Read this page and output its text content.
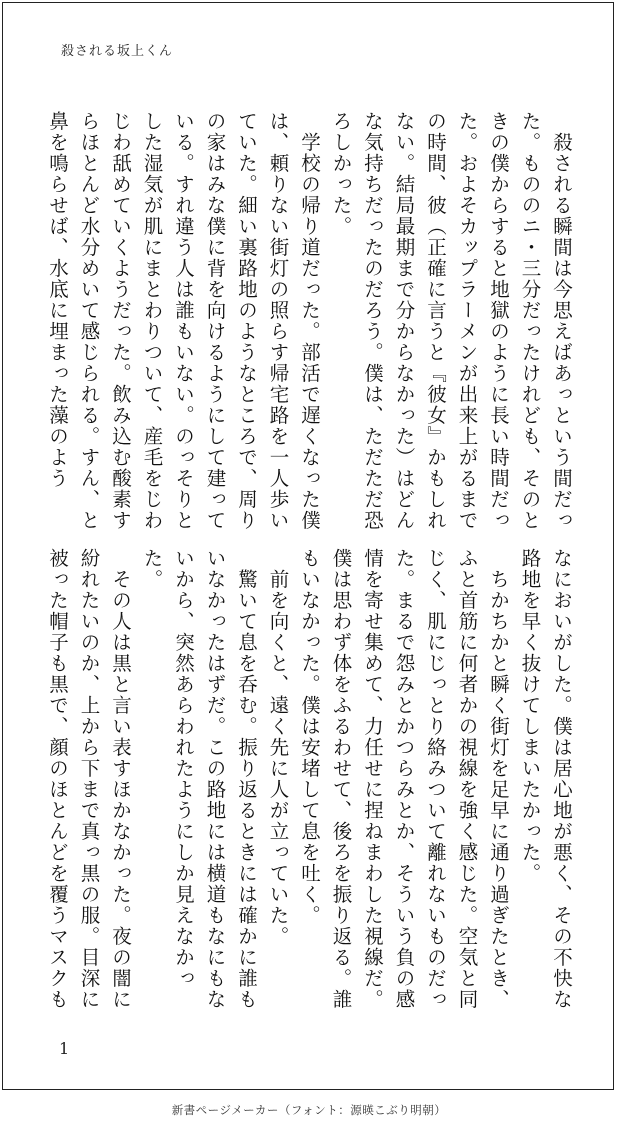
殺される坂上くん

　殺される瞬間は今思えばあっという間だった。もののニ・三分だったけれども、そのときの僕からすると地獄のように長い時間だった。およそカップラーメンが出来上がるまでの時間、彼（正確に言うと『彼女』かもしれない。結局最期まで分からなかった）はどんな気持ちだったのだろう。僕は、ただただ恐ろしかった。

　学校の帰り道だった。部活で遅くなった僕は、頼りない街灯の照らす帰宅路を一人歩いていた。細い裏路地のようなところで、周りの家はみな僕に背を向けるようにして建っている。すれ違う人は誰もいない。のっそりとした湿気が肌にまとわりついて、産毛をじわじわ舐めていくようだった。飲み込む酸素すらほとんど水分めいて感じられる。すん、と鼻を鳴らせば、水底に埋まった藻のよう

なにおいがした。僕は居心地が悪く、その不快な路地を早く抜けてしまいたかった。

　ちかちかと瞬く街灯を足早に通り過ぎたとき、ふと首筋に何者かの視線を強く感じた。空気と同じく、肌にじっとり絡みついて離れないものだった。まるで怨みとかつらみとか、そういう負の感情を寄せ集めて、力任せに捏ねまわした視線だ。僕は思わず体をふるわせて、後ろを振り返る。誰もいなかった。僕は安堵して息を吐く。

　前を向くと、遠く先に人が立っていた。

　驚いて息を呑む。振り返るときには確かに誰もいなかったはずだ。この路地には横道もなにもないから、突然あらわれたようにしか見えなかった。

　その人は黒と言い表すほかなかった。夜の闇に紛れたいのか、上から下まで真っ黒の服。目深に被った帽子も黒で、顔のほとんどを覆うマスクも

1
新書ページメーカー（フォント：源暎こぶり明朝）
